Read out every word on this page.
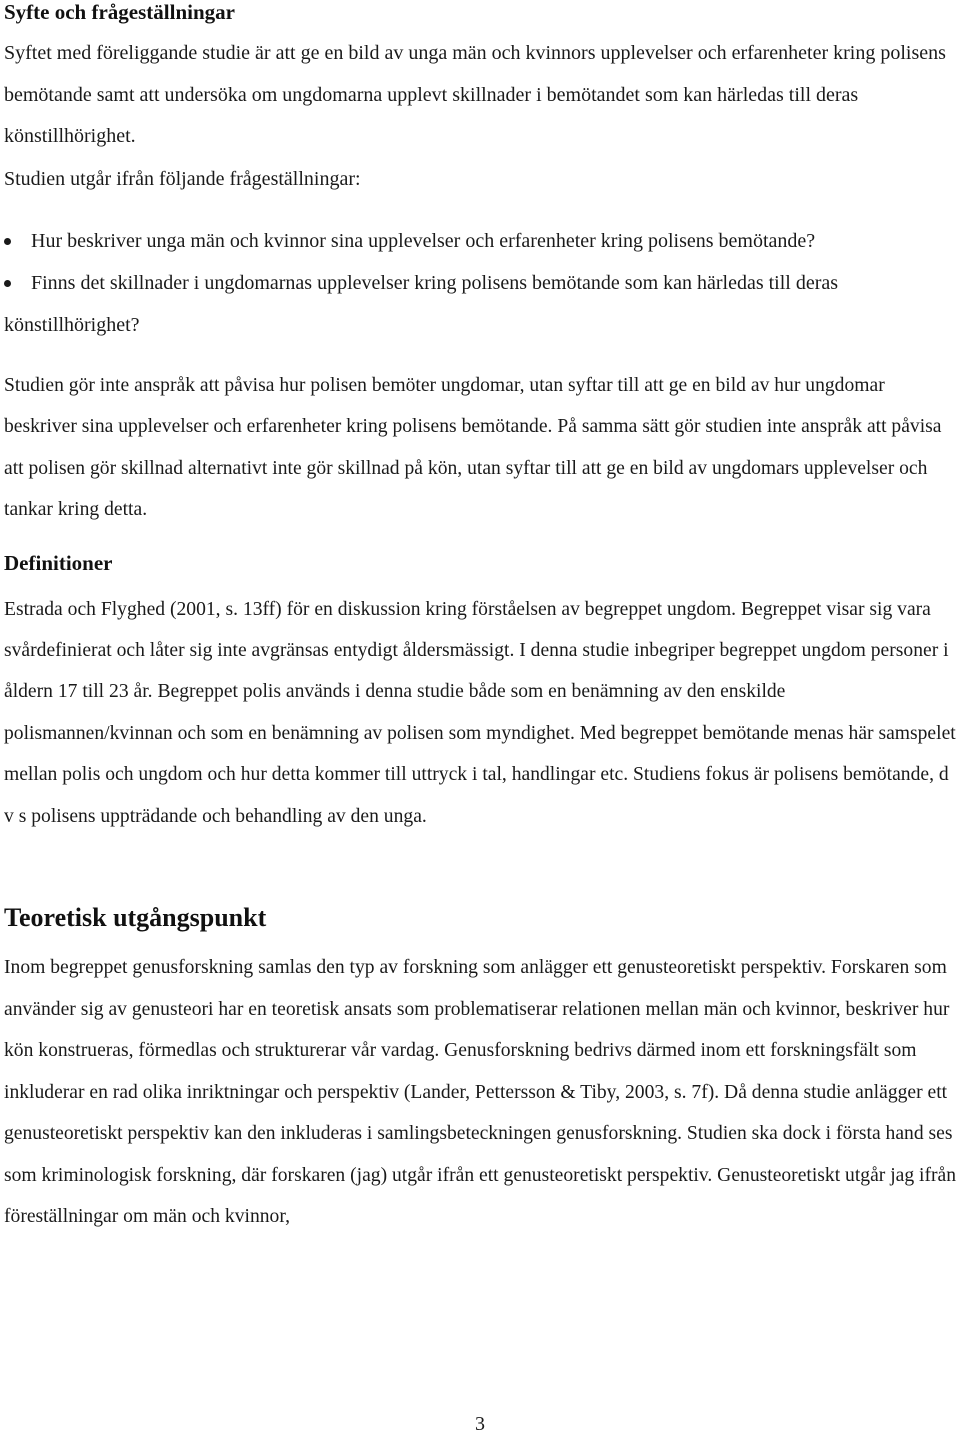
Syfte och frågeställningar

Syftet med föreliggande studie är att ge en bild av unga män och kvinnors upplevelser och erfarenheter kring polisens bemötande samt att undersöka om ungdomarna upplevt skillnader i bemötandet som kan härledas till deras könstillhörighet.

Studien utgår ifrån följande frågeställningar:

Hur beskriver unga män och kvinnor sina upplevelser och erfarenheter kring polisens bemötande?
Finns det skillnader i ungdomarnas upplevelser kring polisens bemötande som kan härledas till deras könstillhörighet?

Studien gör inte anspråk att påvisa hur polisen bemöter ungdomar, utan syftar till att ge en bild av hur ungdomar beskriver sina upplevelser och erfarenheter kring polisens bemötande. På samma sätt gör studien inte anspråk att påvisa att polisen gör skillnad alternativt inte gör skillnad på kön, utan syftar till att ge en bild av ungdomars upplevelser och tankar kring detta.

Definitioner

Estrada och Flyghed (2001, s. 13ff) för en diskussion kring förståelsen av begreppet ungdom. Begreppet visar sig vara svårdefinierat och låter sig inte avgränsas entydigt åldersmässigt. I denna studie inbegriper begreppet ungdom personer i åldern 17 till 23 år. Begreppet polis används i denna studie både som en benämning av den enskilde polismannen/kvinnan och som en benämning av polisen som myndighet. Med begreppet bemötande menas här samspelet mellan polis och ungdom och hur detta kommer till uttryck i tal, handlingar etc. Studiens fokus är polisens bemötande, d v s polisens uppträdande och behandling av den unga.

Teoretisk utgångspunkt

Inom begreppet genusforskning samlas den typ av forskning som anlägger ett genusteoretiskt perspektiv. Forskaren som använder sig av genusteori har en teoretisk ansats som problematiserar relationen mellan män och kvinnor, beskriver hur kön konstrueras, förmedlas och strukturerar vår vardag. Genusforskning bedrivs därmed inom ett forskningsfält som inkluderar en rad olika inriktningar och perspektiv (Lander, Pettersson & Tiby, 2003, s. 7f). Då denna studie anlägger ett genusteoretiskt perspektiv kan den inkluderas i samlingsbeteckningen genusforskning. Studien ska dock i första hand ses som kriminologisk forskning, där forskaren (jag) utgår ifrån ett genusteoretiskt perspektiv. Genusteoretiskt utgår jag ifrån föreställningar om män och kvinnor,

3
